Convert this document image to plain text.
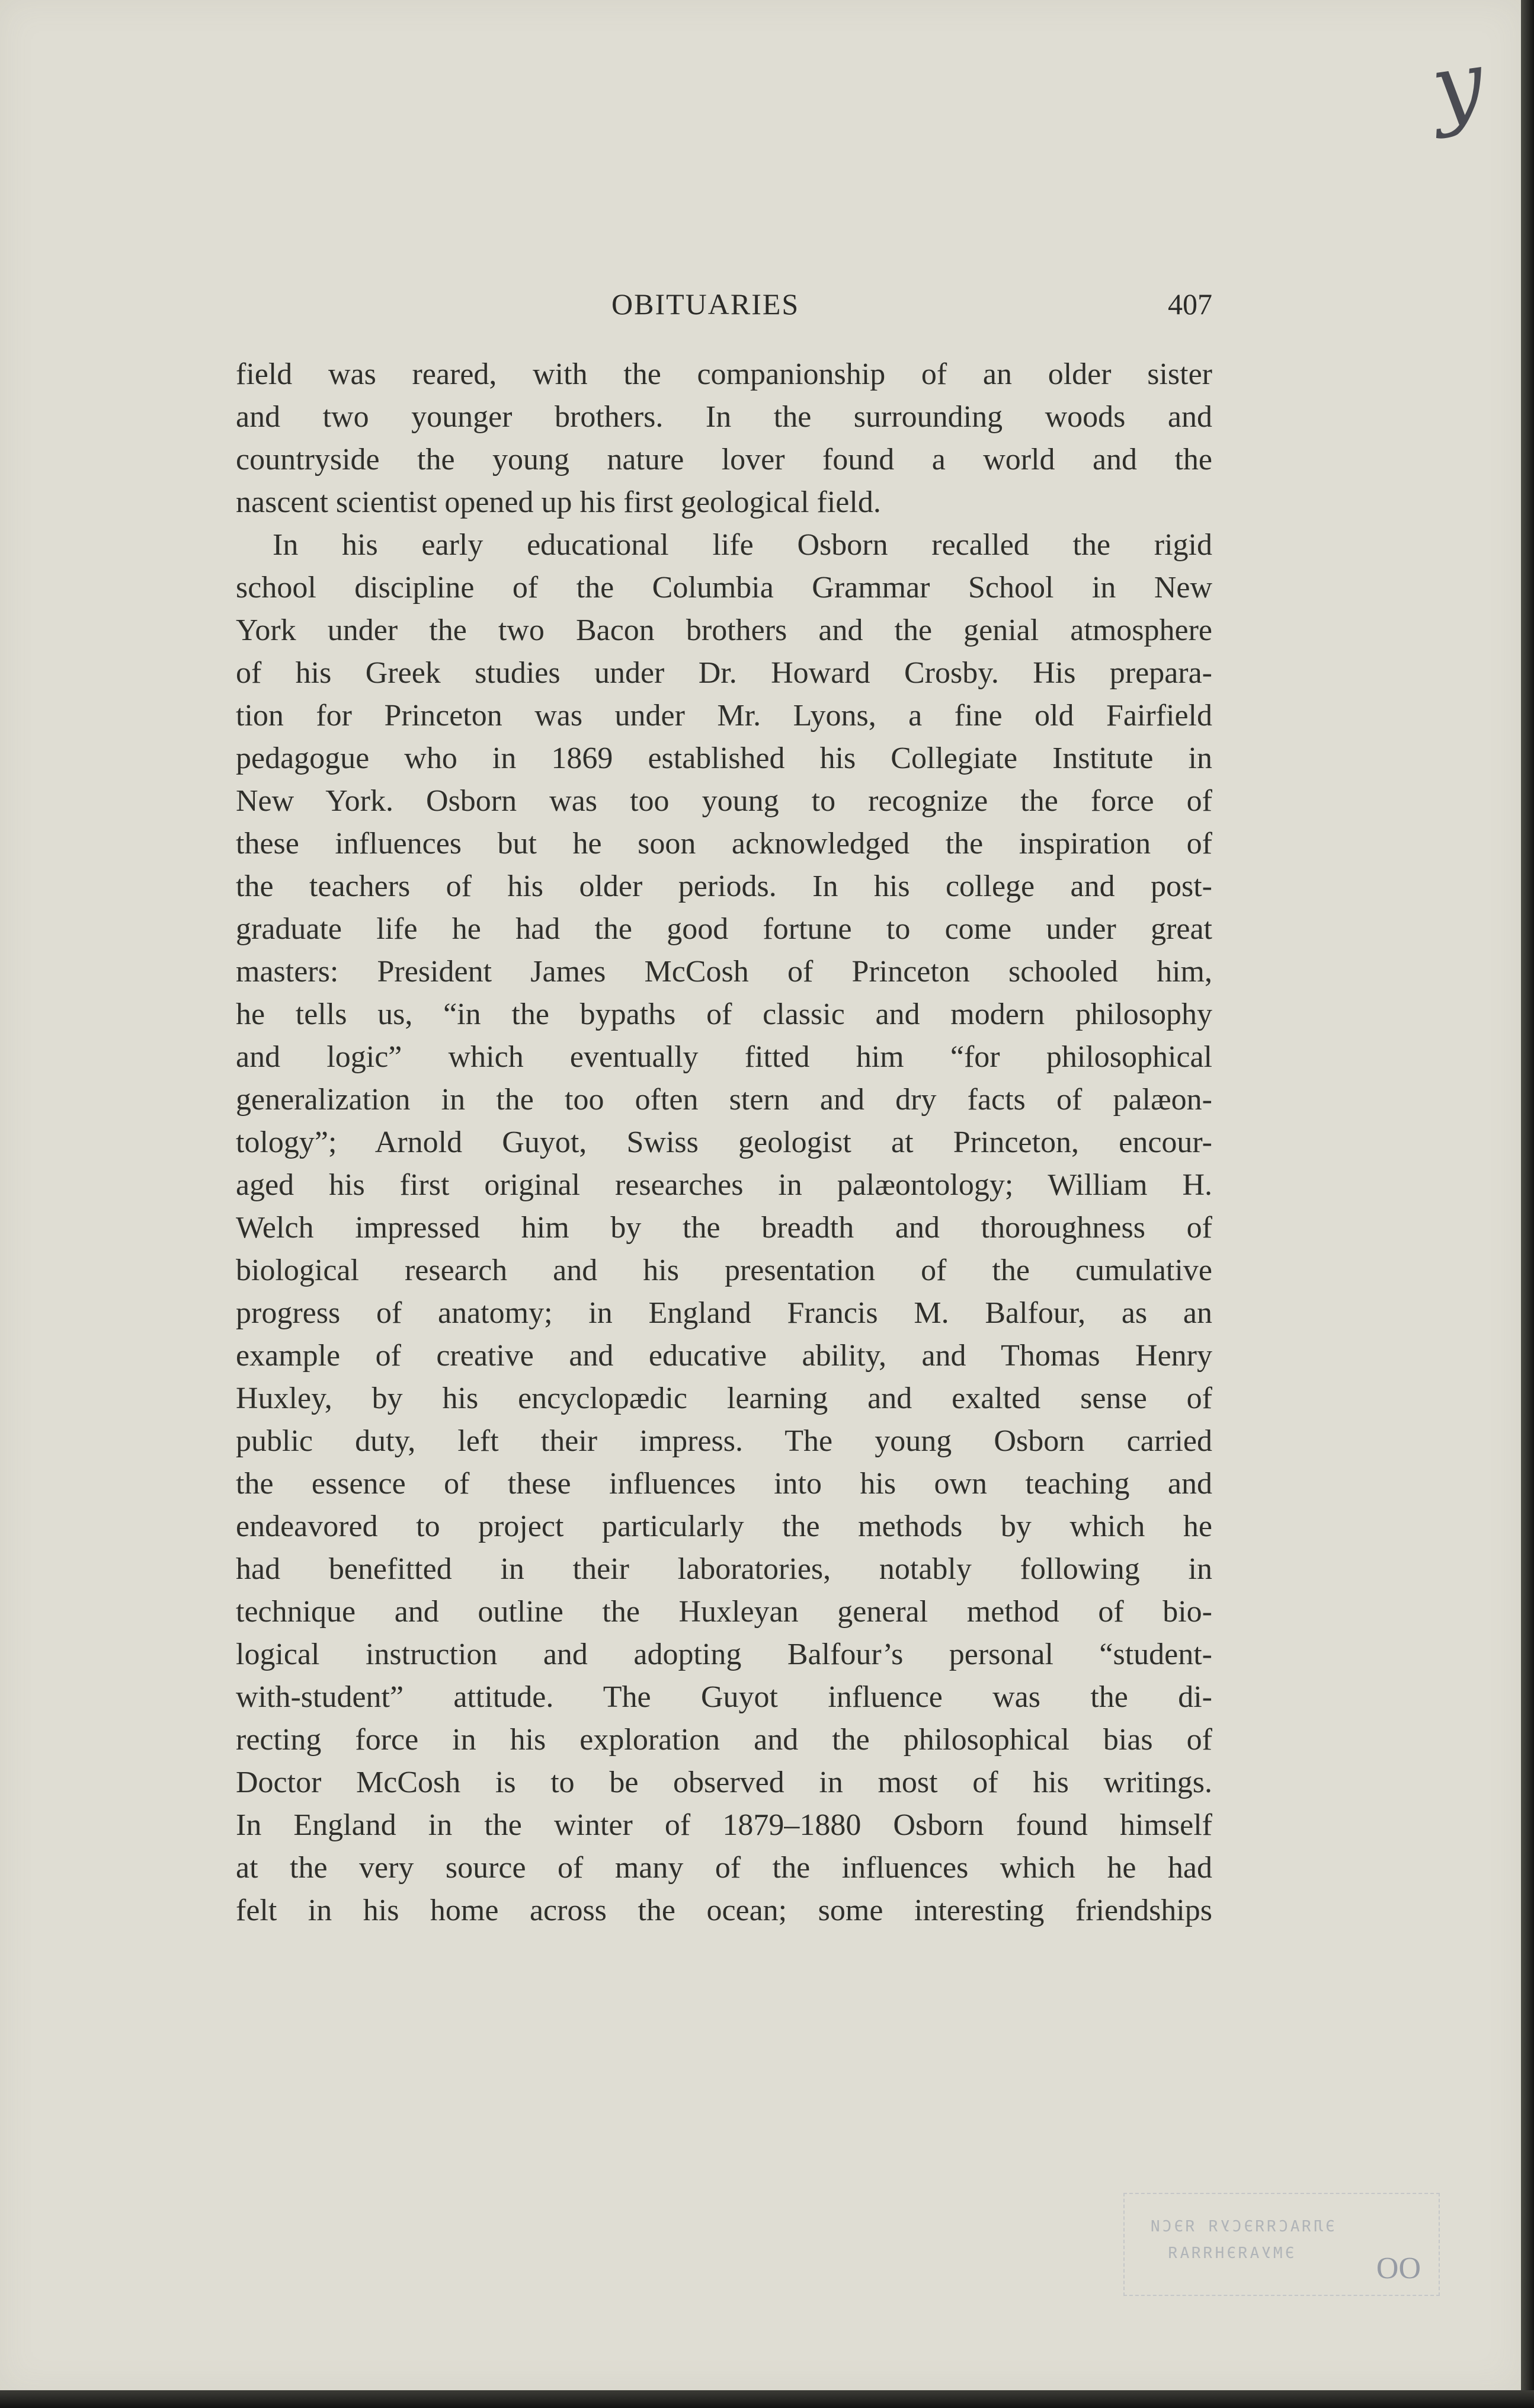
y
OBITUARIES	407
field was reared, with the companionship of an older sister
and two younger brothers. In the surrounding woods and
countryside the young nature lover found a world and the
nascent scientist opened up his first geological field.
In his early educational life Osborn recalled the rigid
school discipline of the Columbia Grammar School in New
York under the two Bacon brothers and the genial atmosphere
of his Greek studies under Dr. Howard Crosby. His prepara-
tion for Princeton was under Mr. Lyons, a fine old Fairfield
pedagogue who in 1869 established his Collegiate Institute in
New York. Osborn was too young to recognize the force of
these influences but he soon acknowledged the inspiration of
the teachers of his older periods. In his college and post-
graduate life he had the good fortune to come under great
masters: President James McCosh of Princeton schooled him,
he tells us, “in the bypaths of classic and modern philosophy
and logic” which eventually fitted him “for philosophical
generalization in the too often stern and dry facts of palæon-
tology”; Arnold Guyot, Swiss geologist at Princeton, encour-
aged his first original researches in palæontology; William H.
Welch impressed him by the breadth and thoroughness of
biological research and his presentation of the cumulative
progress of anatomy; in England Francis M. Balfour, as an
example of creative and educative ability, and Thomas Henry
Huxley, by his encyclopædic learning and exalted sense of
public duty, left their impress. The young Osborn carried
the essence of these influences into his own teaching and
endeavored to project particularly the methods by which he
had benefitted in their laboratories, notably following in
technique and outline the Huxleyan general method of bio-
logical instruction and adopting Balfour’s personal “student-
with-student” attitude. The Guyot influence was the di-
recting force in his exploration and the philosophical bias of
Doctor McCosh is to be observed in most of his writings.
In England in the winter of 1879–1880 Osborn found himself
at the very source of many of the influences which he had
felt in his home across the ocean; some interesting friendships
ЭЛЯАСЯЯЭСУЯ ЯЭСИ
ЭМУАЯЭНЯЯАЯ	ОО
